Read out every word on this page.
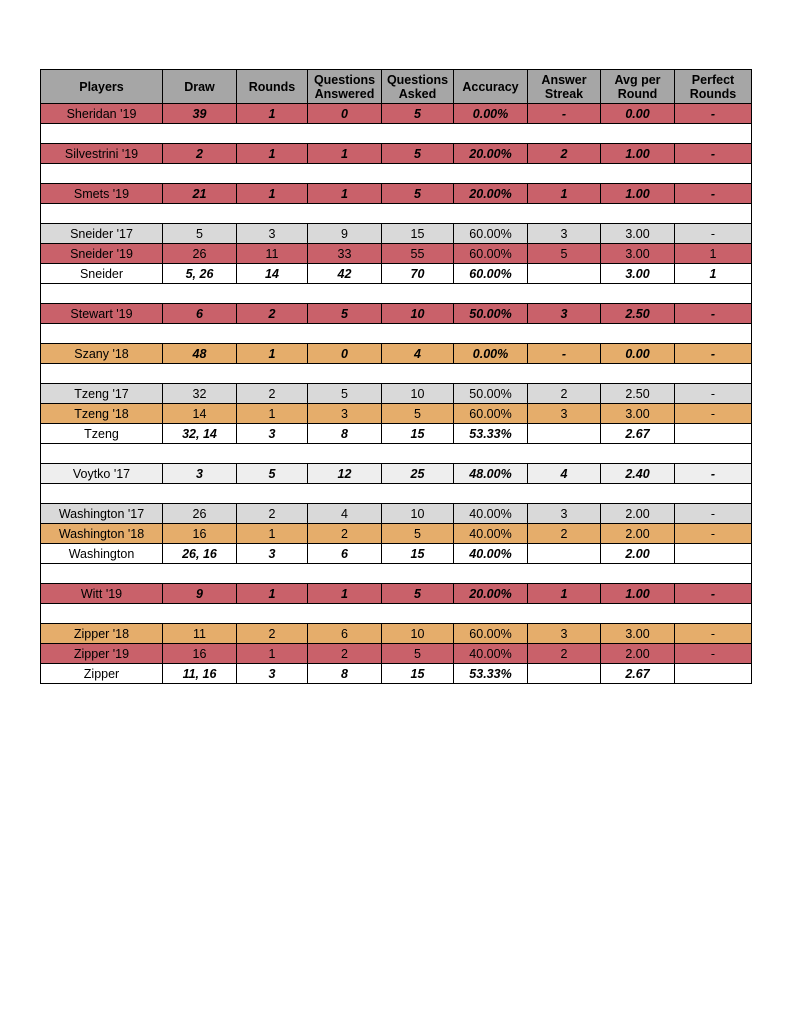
Players	Draw	Rounds	Questions Answered	Questions Asked	Accuracy	Answer Streak	Avg per Round	Perfect Rounds
Sheridan '19	39	1	0	5	0.00%	-	0.00	-

Silvestrini '19	2	1	1	5	20.00%	2	1.00	-

Smets '19	21	1	1	5	20.00%	1	1.00	-

Sneider '17	5	3	9	15	60.00%	3	3.00	-
Sneider '19	26	11	33	55	60.00%	5	3.00	1
Sneider	5, 26	14	42	70	60.00%		3.00	1

Stewart '19	6	2	5	10	50.00%	3	2.50	-

Szany '18	48	1	0	4	0.00%	-	0.00	-

Tzeng '17	32	2	5	10	50.00%	2	2.50	-
Tzeng '18	14	1	3	5	60.00%	3	3.00	-
Tzeng	32, 14	3	8	15	53.33%		2.67	

Voytko '17	3	5	12	25	48.00%	4	2.40	-

Washington '17	26	2	4	10	40.00%	3	2.00	-
Washington '18	16	1	2	5	40.00%	2	2.00	-
Washington	26, 16	3	6	15	40.00%		2.00	

Witt '19	9	1	1	5	20.00%	1	1.00	-

Zipper '18	11	2	6	10	60.00%	3	3.00	-
Zipper '19	16	1	2	5	40.00%	2	2.00	-
Zipper	11, 16	3	8	15	53.33%		2.67	
